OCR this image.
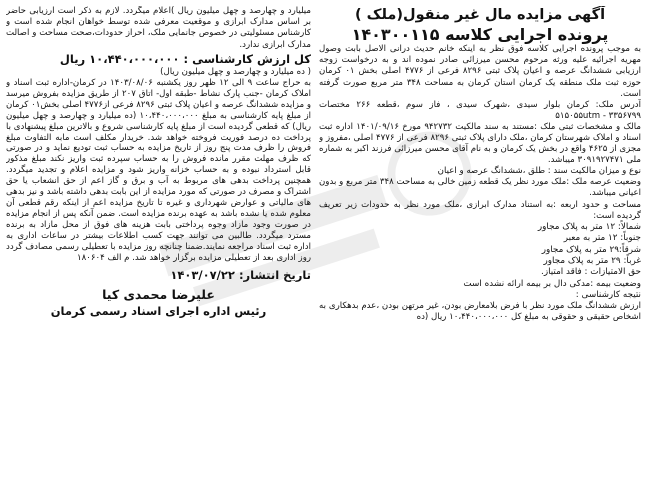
آگهی مزایده مال غیر منقول(ملک )

پرونده اجرایی کلاسه ۱۴۰۳۰۰۱۱۵

به موجب پرونده اجرایی کلاسه فوق نظر به اینکه خانم حدیث درانی الاصل بابت وصول مهریه اجرائیه علیه ورثه مرحوم محسن میرزائی صادر نموده اند و به درخواست زوجه ارزیابی ششدانگ عرصه و اعیان پلاک ثبتی ۸۲۹۶ فرعی از ۴۷۷۶ اصلی بخش ۰۱ کرمان حوزه ثبت ملک منطقه یک کرمان استان کرمان به مساحت ۳۴۸ متر مربع صورت گرفته است.

آدرس ملک: کرمان بلوار سیدی ،شهرک سیدی ، فاز سوم ،قطعه ۲۶۶ مختصات ۵۱۵۰۵۵utm - ۳۳۵۶۷۹۹

مالک و مشخصات ثبتی ملک :مستند به سند مالکیت ۹۴۲۷۳۲ مورخ ۱۴۰۱/۰۹/۱۶ اداره ثبت اسناد و املاک شهرستان کرمان ،ملک دارای پلاک ثبتی ۸۲۹۶ فرعی از ۴۷۷۶ اصلی ،مفروز و مجزی از ۴۶۲۵ واقع در بخش یک کرمان و به نام آقای محسن میرزائی فرزند اکبر به شماره ملی ۳۰۹۱۹۲۷۴۷۱ میباشد.

نوع و میزان مالکیت سند : طلق ،ششدانگ عرصه و اعیان

وضعیت عرصه ملک :ملک مورد نظر یک قطعه زمین خالی به مساحت ۳۴۸ متر مربع و بدون اعیانی میباشد.

مساحت و حدود اربعه :به استناد مدارک ابرازی ،ملک مورد نظر به حدودات زیر تعریف گردیده است:

شمالاً: ۱۲ متر به پلاک مجاور

جنوباً: ۱۲ متر به معبر

شرقاً:۲۹ متر به پلاک مجاور

غرباً: ۲۹ متر به پلاک مجاور

حق الامتیازات : فاقد امتیاز.

وضعیت بیمه :مدکی دال بر بیمه ارائه نشده است

نتیجه کارشناسی :

ارزش ششدانگ ملک مورد نظر با فرض بلامعارض بودن، غیر مرتهن بودن ،عدم بدهکاری به اشخاص حقیقی و حقوقی به مبلغ کل ۱۰،۴۴۰،۰۰۰،۰۰۰ ریال (ده

میلیارد و چهارصد و چهل میلیون ریال )اعلام میگردد. لازم به ذکر است ارزیابی حاضر بر اساس مدارک ابرازی و موقعیت معرفی شده توسط خواهان انجام شده است و کارشناس مسئولیتی در خصوص جانمایی ملک، احراز حدودات،صحت مساحت و اصالت مدارک ابرازی ندارد.

کل ارزش کارشناسی : ۱۰،۴۴۰،۰۰۰،۰۰۰ ریال

( ده میلیارد و چهارصد و چهل میلیون ریال)

به حراج ساعت ۹ الی ۱۲ ظهر روز یکشنبه ۱۴۰۳/۰۸/۰۶ در کرمان-اداره ثبت اسناد و املاک کرمان -جنب پارک نشاط -طبقه اول- اتاق ۲۰۷ از طریق مزایده بفروش میرسد و مزایده ششدانگ عرصه و اعیان پلاک ثبتی ۸۲۹۶ فرعی از۴۷۷۶ اصلی بخش۰۱ کرمان از مبلغ پایه کارشناسی به مبلغ ۱۰،۴۴۰،۰۰۰،۰۰۰ (ده میلیارد و چهارصد و چهل میلیون ریال) که قطعی گردیده است از مبلغ پایه کارشناسی شروع و بالاترین مبلغ پیشنهادی با پرداخت ده درصد فوریت فروخته خواهد شد. خریدار مکلف است مابه التفاوت مبلغ فروش را ظرف مدت پنج روز از تاریخ مزایده به حساب ثبت تودیع نماید و در صورتی که ظرف مهلت مقرر مانده فروش را به حساب سپرده ثبت واریز نکند مبلغ مذکور قابل استرداد نبوده و به حساب خزانه واریز شود و مزایده اعلام و تجدید میگردد. همچنین پرداخت بدهی های مربوط به آب و برق و گاز اعم از حق انشعاب یا حق اشتراک و مصرف در صورتی که مورد مزایده از این بابت بدهی داشته باشد و نیز بدهی های مالیاتی و عوارض شهرداری و غیره تا تاریخ مزایده اعم از اینکه رقم قطعی آن معلوم شده یا نشده باشد به عهده برنده مزایده است. ضمن آنکه پس از انجام مزایده در صورت وجود مازاد وجوه پرداختی بابت هزینه های فوق از محل مازاد به برنده مسترد میگردد. طالبین می توانند جهت کسب اطلاعات بیشتر در ساعات اداری به اداره ثبت اسناد مراجعه نمایند.ضمنا چنانچه روز مزایده با تعطیلی رسمی مصادف گردد روز اداری بعد از تعطیلی مزایده برگزار خواهد شد. م الف ۱۸۰۶۰۴

تاریخ انتشار: ۱۴۰۳/۰۷/۲۲

علیرضا محمدی کیا

رئیس اداره اجرای اسناد رسمی کرمان
